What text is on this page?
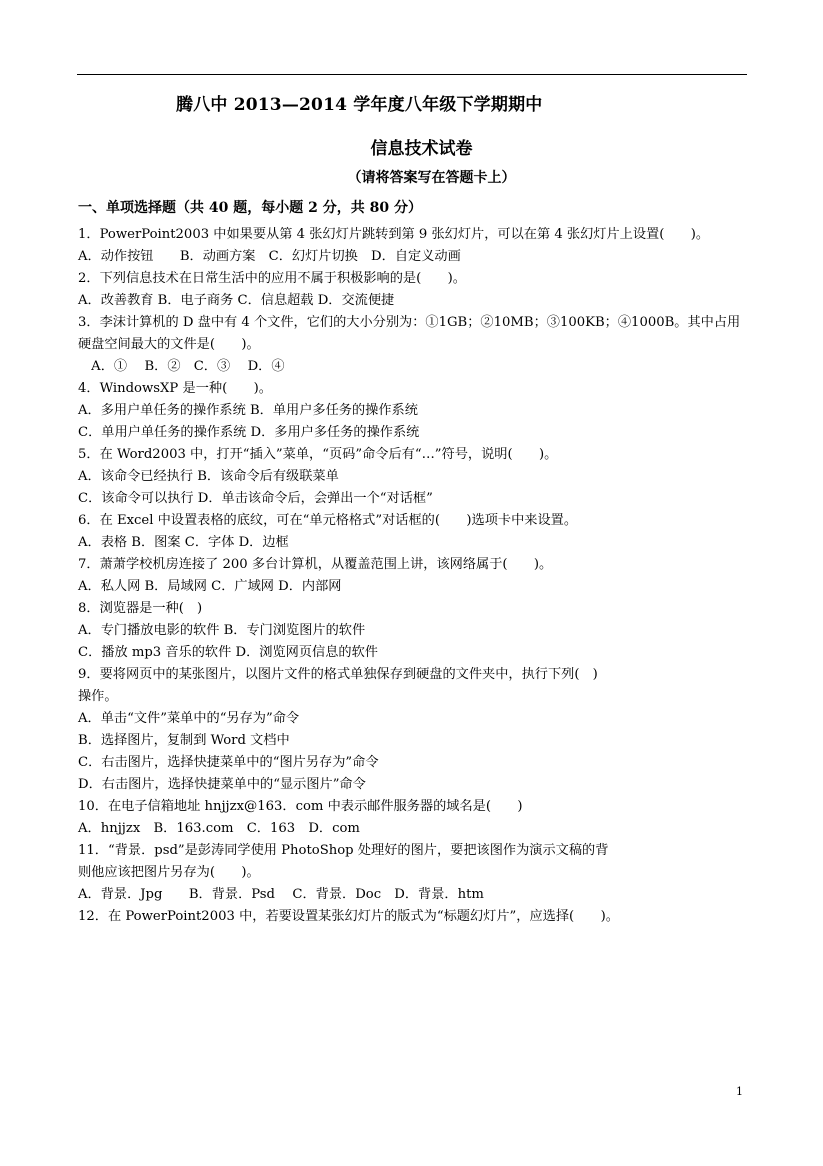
腾八中 2013—2014 学年度八年级下学期期中
信息技术试卷
（请将答案写在答题卡上）
一、单项选择题（共 40 题，每小题 2 分，共 80 分）
1．PowerPoint2003 中如果要从第 4 张幻灯片跳转到第 9 张幻灯片，可以在第 4 张幻灯片上设置(　　)。
A．动作按钮　　B．动画方案　C．幻灯片切换　D．自定义动画
2．下列信息技术在日常生活中的应用不属于积极影响的是(　　)。
A．改善教育 B．电子商务 C．信息超载 D．交流便捷
3．李沫计算机的 D 盘中有 4 个文件，它们的大小分别为：①1GB；②10MB；③100KB；④1000B。其中占用
硬盘空间最大的文件是(　　)。
　A．①　 B．②　C．③　 D．④
4．WindowsXP 是一种(　　)。
A．多用户单任务的操作系统 B．单用户多任务的操作系统
C．单用户单任务的操作系统 D．多用户多任务的操作系统
5．在 Word2003 中，打开“插入”菜单，“页码”命令后有“…”符号，说明(　　)。
A．该命令已经执行 B．该命令后有级联菜单
C．该命令可以执行 D．单击该命令后，会弹出一个“对话框”
6．在 Excel 中设置表格的底纹，可在“单元格格式”对话框的(　　)选项卡中来设置。
A．表格 B．图案 C．字体 D．边框
7．萧萧学校机房连接了 200 多台计算机，从覆盖范围上讲，该网络属于(　　)。
A．私人网 B．局域网 C．广域网 D．内部网
8．浏览器是一种(　)
A．专门播放电影的软件 B．专门浏览图片的软件
C．播放 mp3 音乐的软件 D．浏览网页信息的软件
9．要将网页中的某张图片，以图片文件的格式单独保存到硬盘的文件夹中，执行下列(　)
操作。
A．单击“文件”菜单中的“另存为”命令
B．选择图片，复制到 Word 文档中
C．右击图片，选择快捷菜单中的“图片另存为”命令
D．右击图片，选择快捷菜单中的“显示图片”命令
10．在电子信箱地址 hnjjzx@163．com 中表示邮件服务器的域名是(　　)
A．hnjjzx　B．163.com　C．163　D．com
11．“背景．psd”是彭涛同学使用 PhotoShop 处理好的图片，要把该图作为演示文稿的背
则他应该把图片另存为(　　)。
A．背景．Jpg　　B．背景．Psd　 C．背景．Doc　D．背景．htm
12．在 PowerPoint2003 中，若要设置某张幻灯片的版式为“标题幻灯片”，应选择(　　)。
1
